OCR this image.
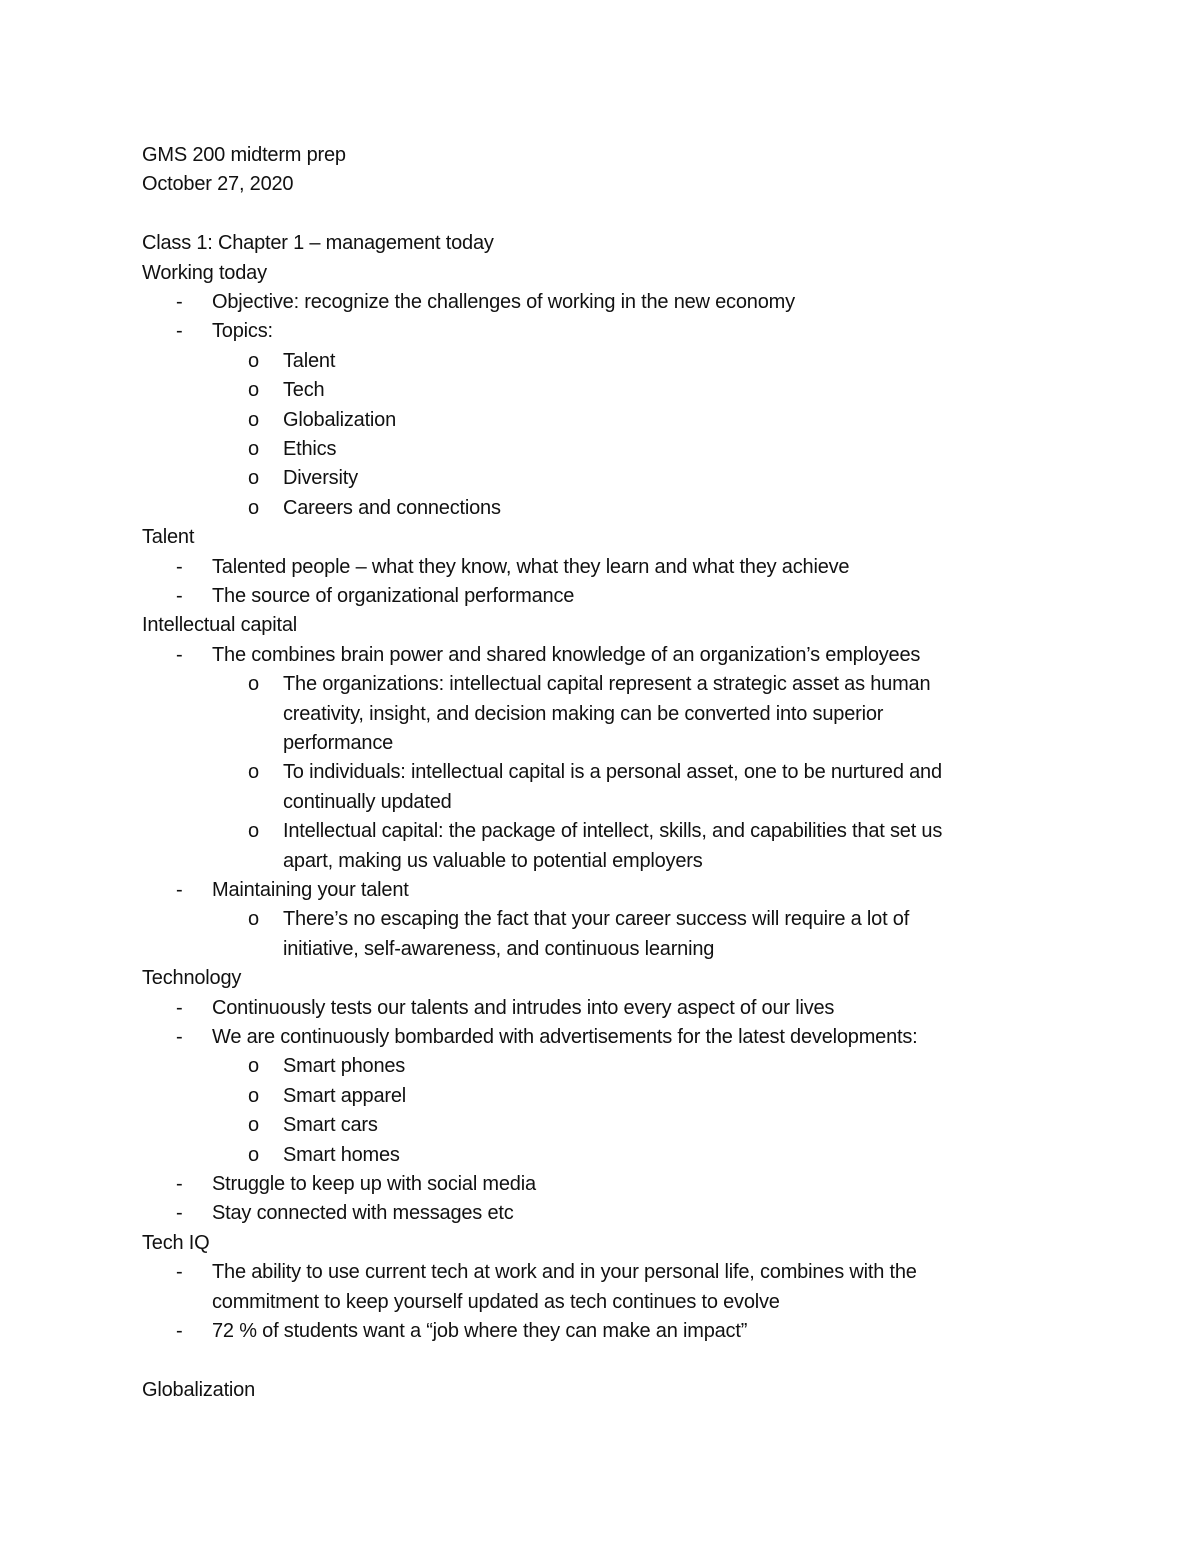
GMS 200 midterm prep
October 27, 2020
Class 1: Chapter 1 – management today
Working today
- Objective: recognize the challenges of working in the new economy
- Topics:
o Talent
o Tech
o Globalization
o Ethics
o Diversity
o Careers and connections
Talent
- Talented people – what they know, what they learn and what they achieve
- The source of organizational performance
Intellectual capital
- The combines brain power and shared knowledge of an organization’s employees
o The organizations: intellectual capital represent a strategic asset as human
creativity, insight, and decision making can be converted into superior
performance
o To individuals: intellectual capital is a personal asset, one to be nurtured and
continually updated
o Intellectual capital: the package of intellect, skills, and capabilities that set us
apart, making us valuable to potential employers
- Maintaining your talent
o There’s no escaping the fact that your career success will require a lot of
initiative, self-awareness, and continuous learning
Technology
- Continuously tests our talents and intrudes into every aspect of our lives
- We are continuously bombarded with advertisements for the latest developments:
o Smart phones
o Smart apparel
o Smart cars
o Smart homes
- Struggle to keep up with social media
- Stay connected with messages etc
Tech IQ
- The ability to use current tech at work and in your personal life, combines with the
commitment to keep yourself updated as tech continues to evolve
- 72 % of students want a “job where they can make an impact”
Globalization
